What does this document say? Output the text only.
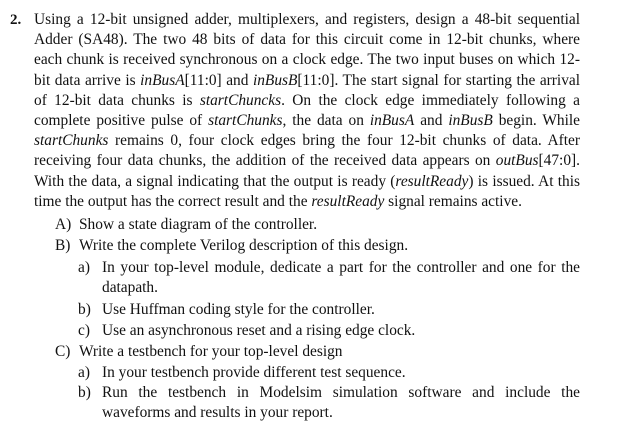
2. Using a 12-bit unsigned adder, multiplexers, and registers, design a 48-bit sequential Adder (SA48). The two 48 bits of data for this circuit come in 12-bit chunks, where each chunk is received synchronous on a clock edge. The two input buses on which 12-bit data arrive is inBusA[11:0] and inBusB[11:0]. The start signal for starting the arrival of 12-bit data chunks is startChuncks. On the clock edge immediately following a complete positive pulse of startChunks, the data on inBusA and inBusB begin. While startChunks remains 0, four clock edges bring the four 12-bit chunks of data. After receiving four data chunks, the addition of the received data appears on outBus[47:0]. With the data, a signal indicating that the output is ready (resultReady) is issued. At this time the output has the correct result and the resultReady signal remains active.
A) Show a state diagram of the controller.
B) Write the complete Verilog description of this design.
a) In your top-level module, dedicate a part for the controller and one for the datapath.
b) Use Huffman coding style for the controller.
c) Use an asynchronous reset and a rising edge clock.
C) Write a testbench for your top-level design
a) In your testbench provide different test sequence.
b) Run the testbench in Modelsim simulation software and include the waveforms and results in your report.
